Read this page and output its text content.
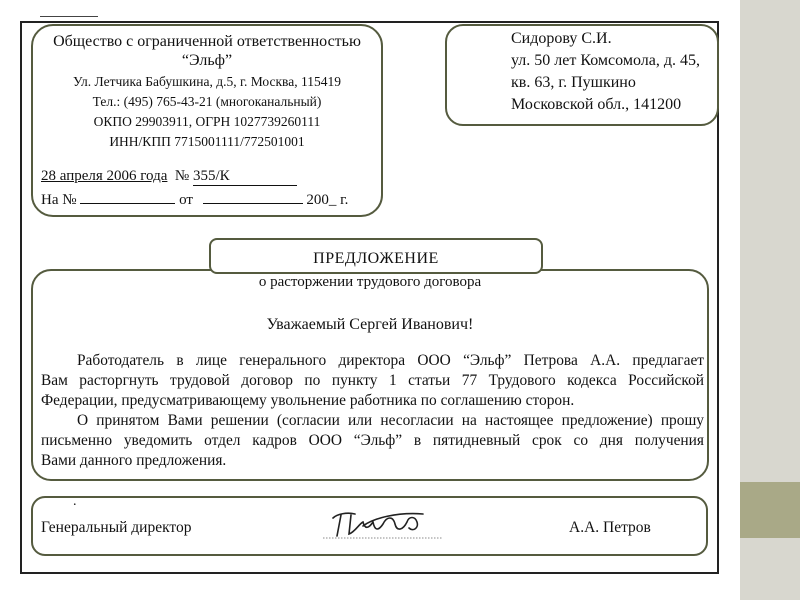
Общество с ограниченной ответственностью
“Эльф”
Ул. Летчика Бабушкина, д.5, г. Москва, 115419
Тел.: (495) 765-43-21 (многоканальный)
ОКПО 29903911, ОГРН 1027739260111
ИНН/КПП 7715001111/772501001
28 апреля 2006 года № 355/К
На №	от	200_ г.
Сидорову С.И.
ул. 50 лет Комсомола, д. 45,
кв. 63, г. Пушкино
Московской обл., 141200
о расторжении трудового договора
Уважаемый Сергей Иванович!
Работодатель в лице генерального директора ООО “Эльф” Петрова А.А. предлагает
Вам расторгнуть трудовой договор по пункту 1 статьи 77 Трудового кодекса Российской
Федерации, предусматривающему увольнение работника по соглашению сторон.
О принятом Вами решении (согласии или несогласии на настоящее предложение) прошу
письменно уведомить отдел кадров ООО “Эльф” в пятидневный срок со дня получения
Вами данного предложения.
ПРЕДЛОЖЕНИЕ
.
Генеральный директор	А.А. Петров
